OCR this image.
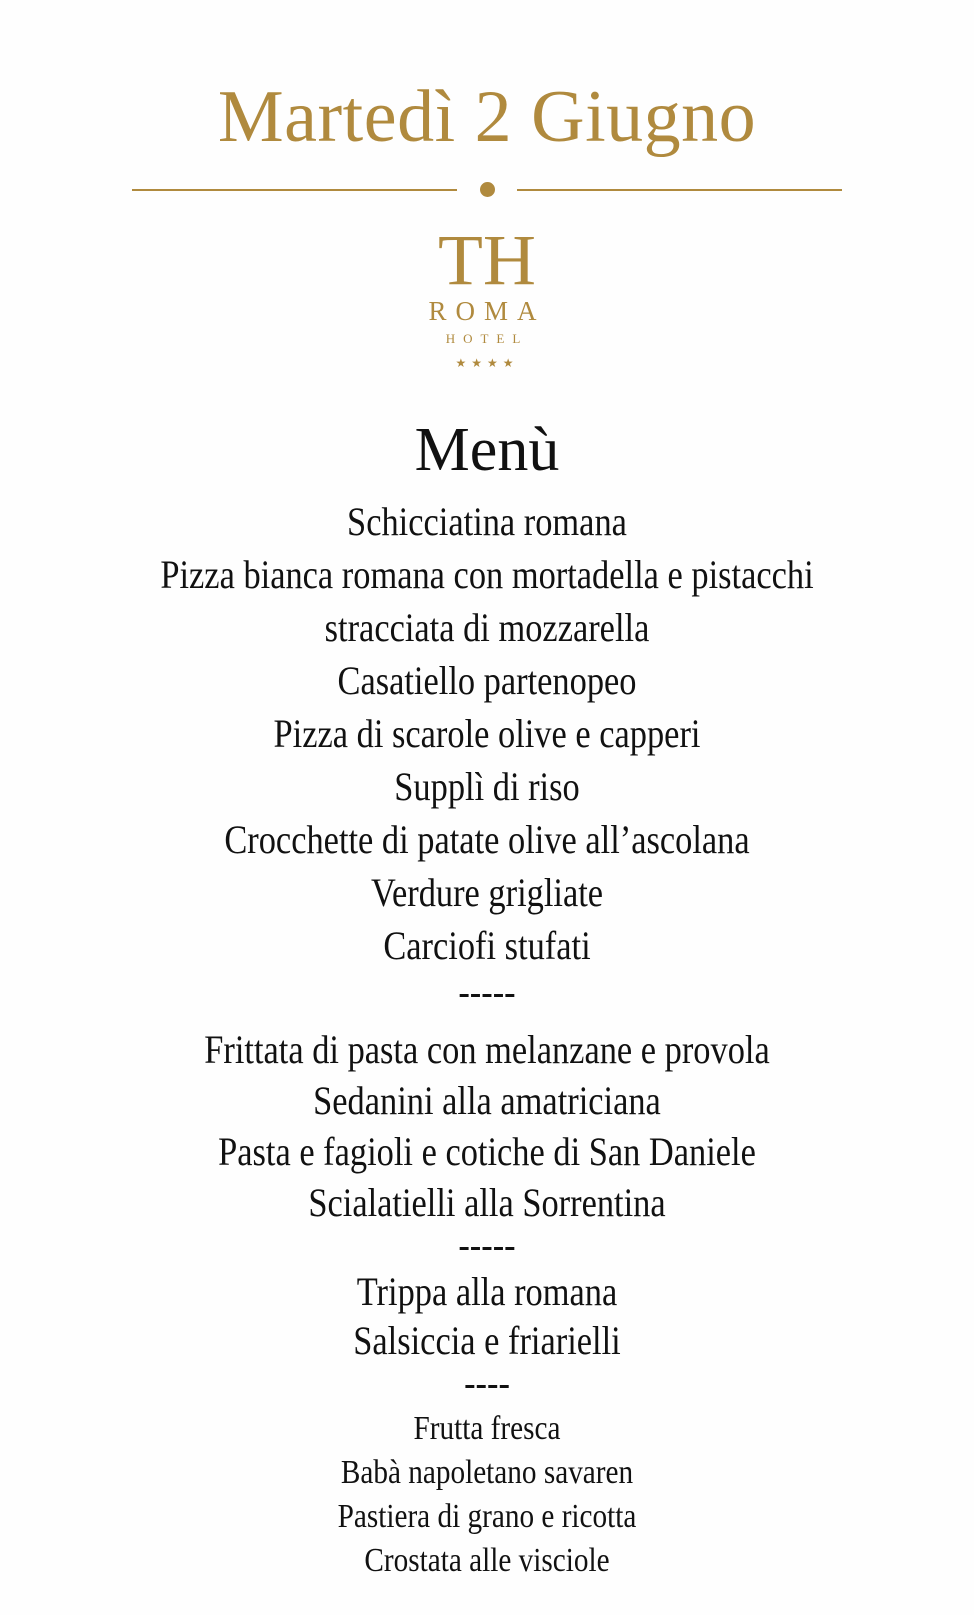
Martedì 2 Giugno
TH
ROMA
HOTEL
★★★★
Menù
Schicciatina romana
Pizza bianca romana con mortadella e pistacchi
stracciata di mozzarella
Casatiello partenopeo
Pizza di scarole olive e capperi
Supplì di riso
Crocchette di patate olive all’ascolana
Verdure grigliate
Carciofi stufati
-----
Frittata di pasta con melanzane e provola
Sedanini alla amatriciana
Pasta e fagioli e cotiche di San Daniele
Scialatielli alla Sorrentina
-----
Trippa alla romana
Salsiccia e friarielli
----
Frutta fresca
Babà napoletano savaren
Pastiera di grano e ricotta
Crostata alle visciole
